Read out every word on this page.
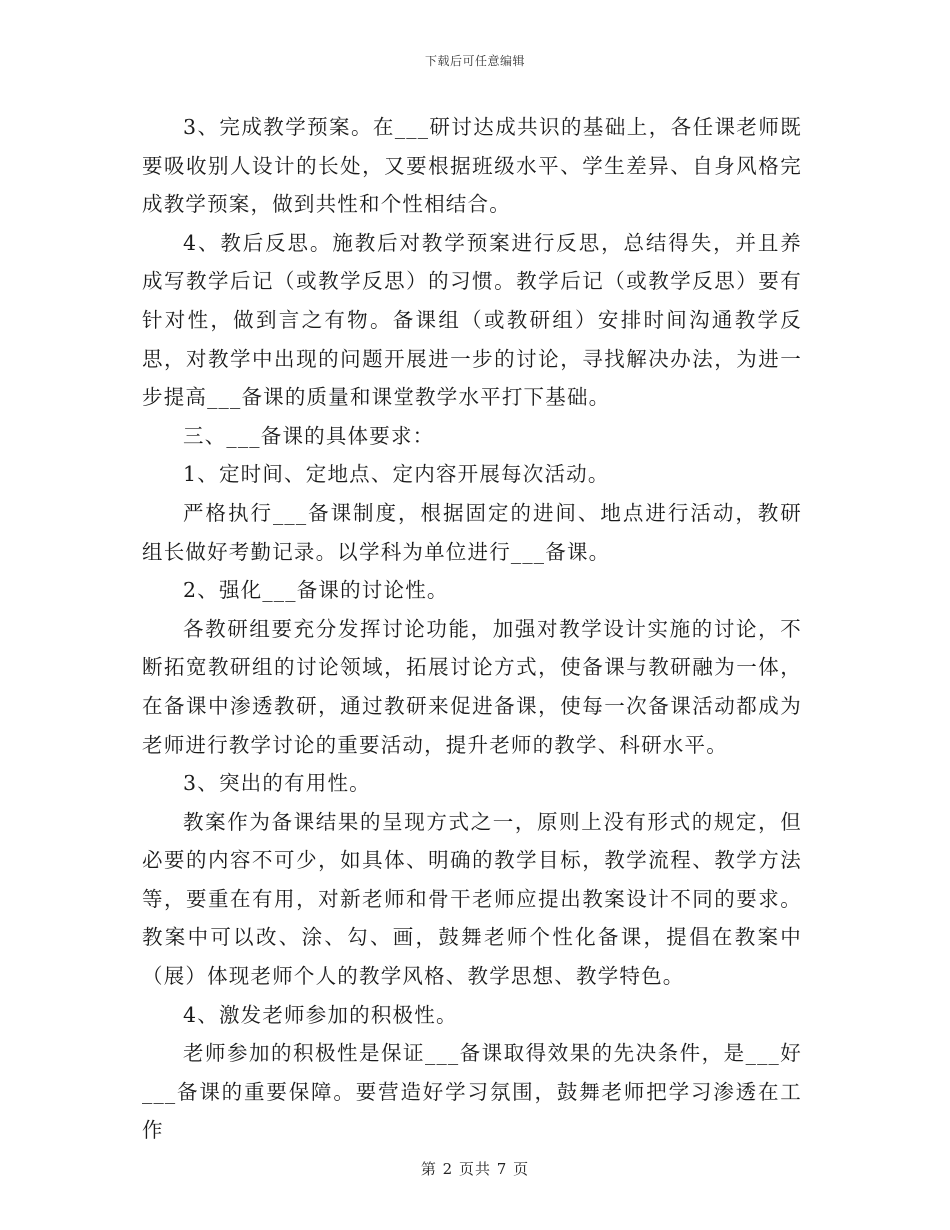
下载后可任意编辑

3、完成教学预案。在___研讨达成共识的基础上，各任课老师既要吸收别人设计的长处，又要根据班级水平、学生差异、自身风格完成教学预案，做到共性和个性相结合。

4、教后反思。施教后对教学预案进行反思，总结得失，并且养成写教学后记（或教学反思）的习惯。教学后记（或教学反思）要有针对性，做到言之有物。备课组（或教研组）安排时间沟通教学反思，对教学中出现的问题开展进一步的讨论，寻找解决办法，为进一步提高___备课的质量和课堂教学水平打下基础。

三、___备课的具体要求：

1、定时间、定地点、定内容开展每次活动。

严格执行___备课制度，根据固定的进间、地点进行活动，教研组长做好考勤记录。以学科为单位进行___备课。

2、强化___备课的讨论性。

各教研组要充分发挥讨论功能，加强对教学设计实施的讨论，不断拓宽教研组的讨论领域，拓展讨论方式，使备课与教研融为一体，在备课中渗透教研，通过教研来促进备课，使每一次备课活动都成为老师进行教学讨论的重要活动，提升老师的教学、科研水平。

3、突出的有用性。

教案作为备课结果的呈现方式之一，原则上没有形式的规定，但必要的内容不可少，如具体、明确的教学目标，教学流程、教学方法等，要重在有用，对新老师和骨干老师应提出教案设计不同的要求。教案中可以改、涂、勾、画，鼓舞老师个性化备课，提倡在教案中（展）体现老师个人的教学风格、教学思想、教学特色。

4、激发老师参加的积极性。

老师参加的积极性是保证___备课取得效果的先决条件，是___好___备课的重要保障。要营造好学习氛围，鼓舞老师把学习渗透在工作

第 2 页共 7 页
